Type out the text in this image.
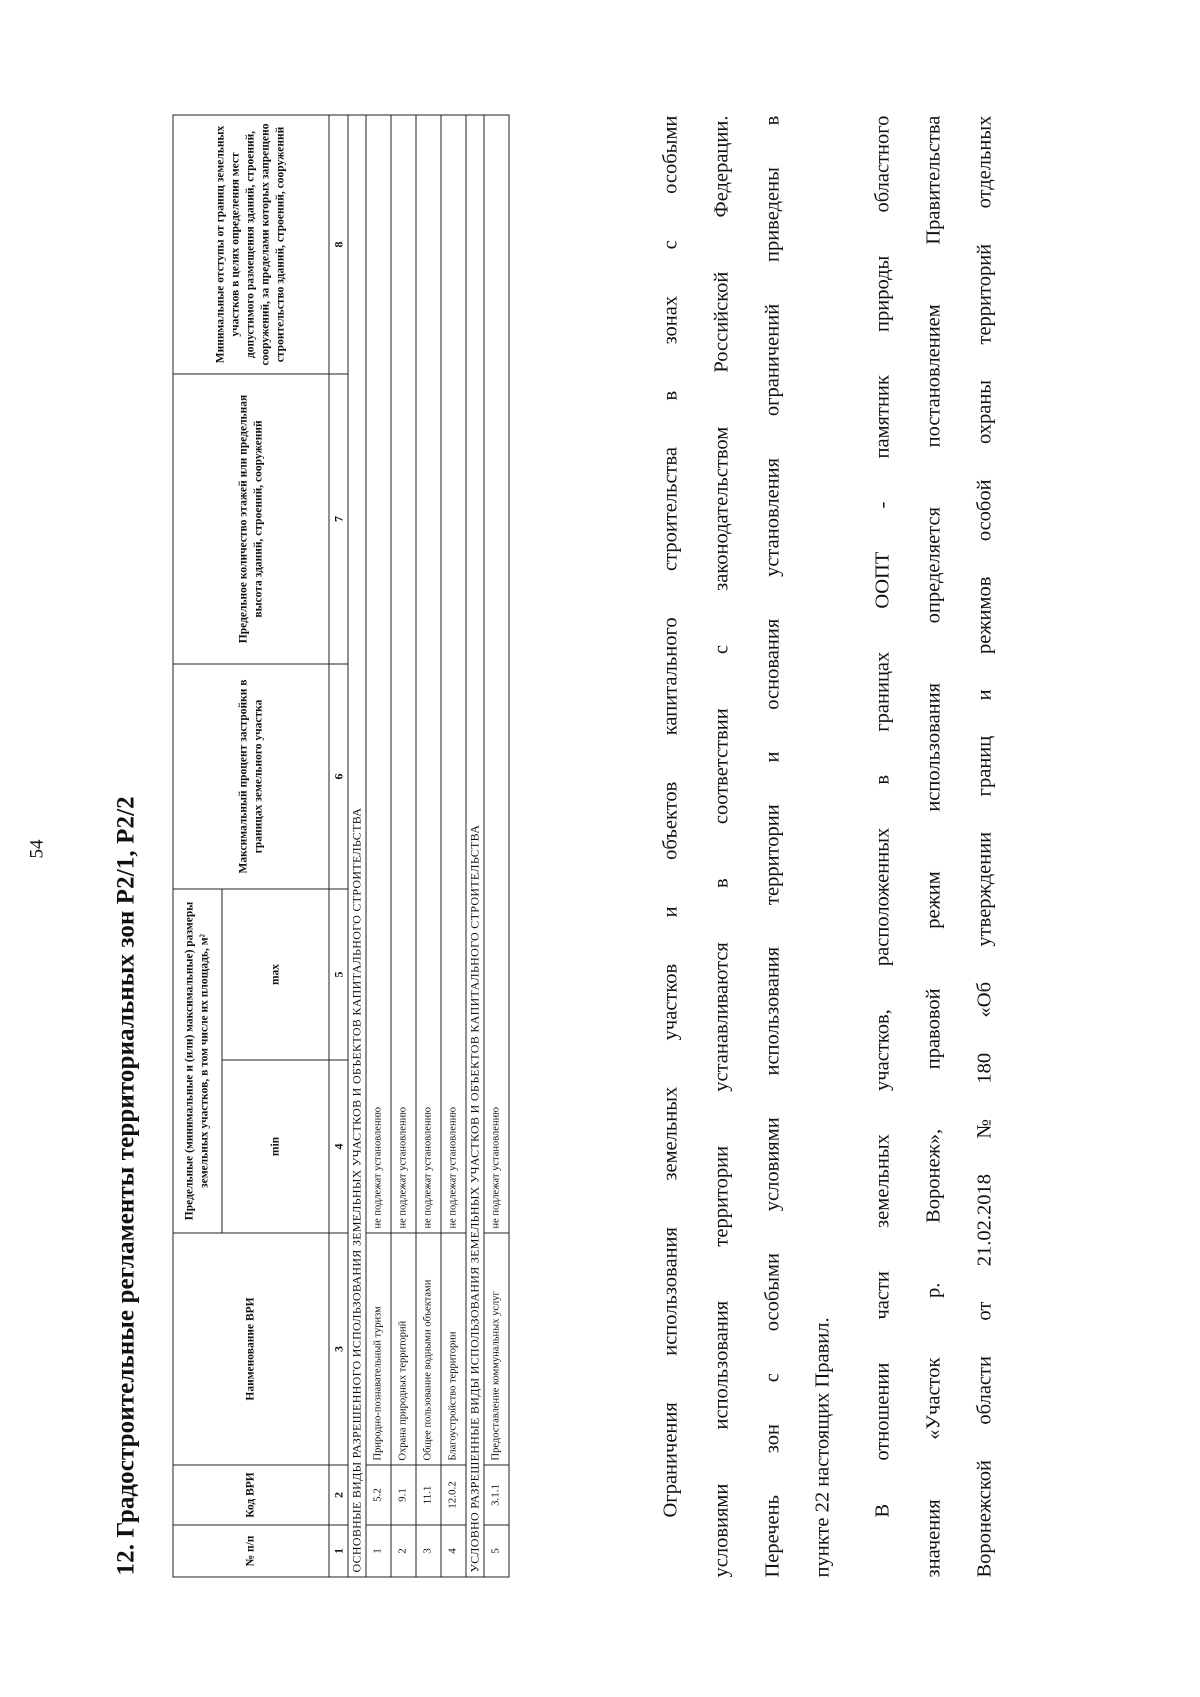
54	12. Градостроительные регламенты территориальных зон Р2/1, Р2/2	№ п/п	Код ВРИ	Наименование ВРИ	Предельные (минимальные и (или) максимальные) размеры земельных участков, в том числе их площадь, м²		Максимальный процент застройки в границах земельного участка	Предельное количество этажей или предельная высота зданий, строений, сооружений	Минимальные отступы от границ земельных участков в целях определения мест допустимого размещения зданий, строений, сооружений, за пределами которых запрещено строительство зданий, строений, сооружений
			min	max			
1	2	3	4	5	6	7	8
ОСНОВНЫЕ ВИДЫ РАЗРЕШЕННОГО ИСПОЛЬЗОВАНИЯ ЗЕМЕЛЬНЫХ УЧАСТКОВ И ОБЪЕКТОВ КАПИТАЛЬНОГО СТРОИТЕЛЬСТВА							
1	5.2	Природно-познавательный туризм	не подлежат установлению				
2	9.1	Охрана природных территорий	не подлежат установлению				
3	11.1	Общее пользование водными объектами	не подлежат установлению				
4	12.0.2	Благоустройство территории	не подлежат установлению				
УСЛОВНО РАЗРЕШЕННЫЕ ВИДЫ ИСПОЛЬЗОВАНИЯ ЗЕМЕЛЬНЫХ УЧАСТКОВ И ОБЪЕКТОВ КАПИТАЛЬНОГО СТРОИТЕЛЬСТВА							
5	3.1.1	Предоставление коммунальных услуг	не подлежат установлению				
Ограничения
использования
земельных
участков
и
объектов
капитального
строительства
в
зонах
с
особыми
условиями
использования
территории
устанавливаются
в
соответствии
с
законодательством
Российской
Федерации.
Перечень
зон
с
особыми
условиями
использования
территории
и
основания
установления
ограничений
приведены
в
пункте 22 настоящих Правил. В
отношении
части
земельных
участков,
расположенных
в
границах
ООПТ
-
памятник
природы
областного
значения
«Участок
р.
Воронеж»,
правовой
режим
использования
определяется
постановлением
Правительства
Воронежской
области
от
21.02.2018
№
180
«Об
утверждении
границ
и
режимов
особой
охраны
территорий
отдельных
